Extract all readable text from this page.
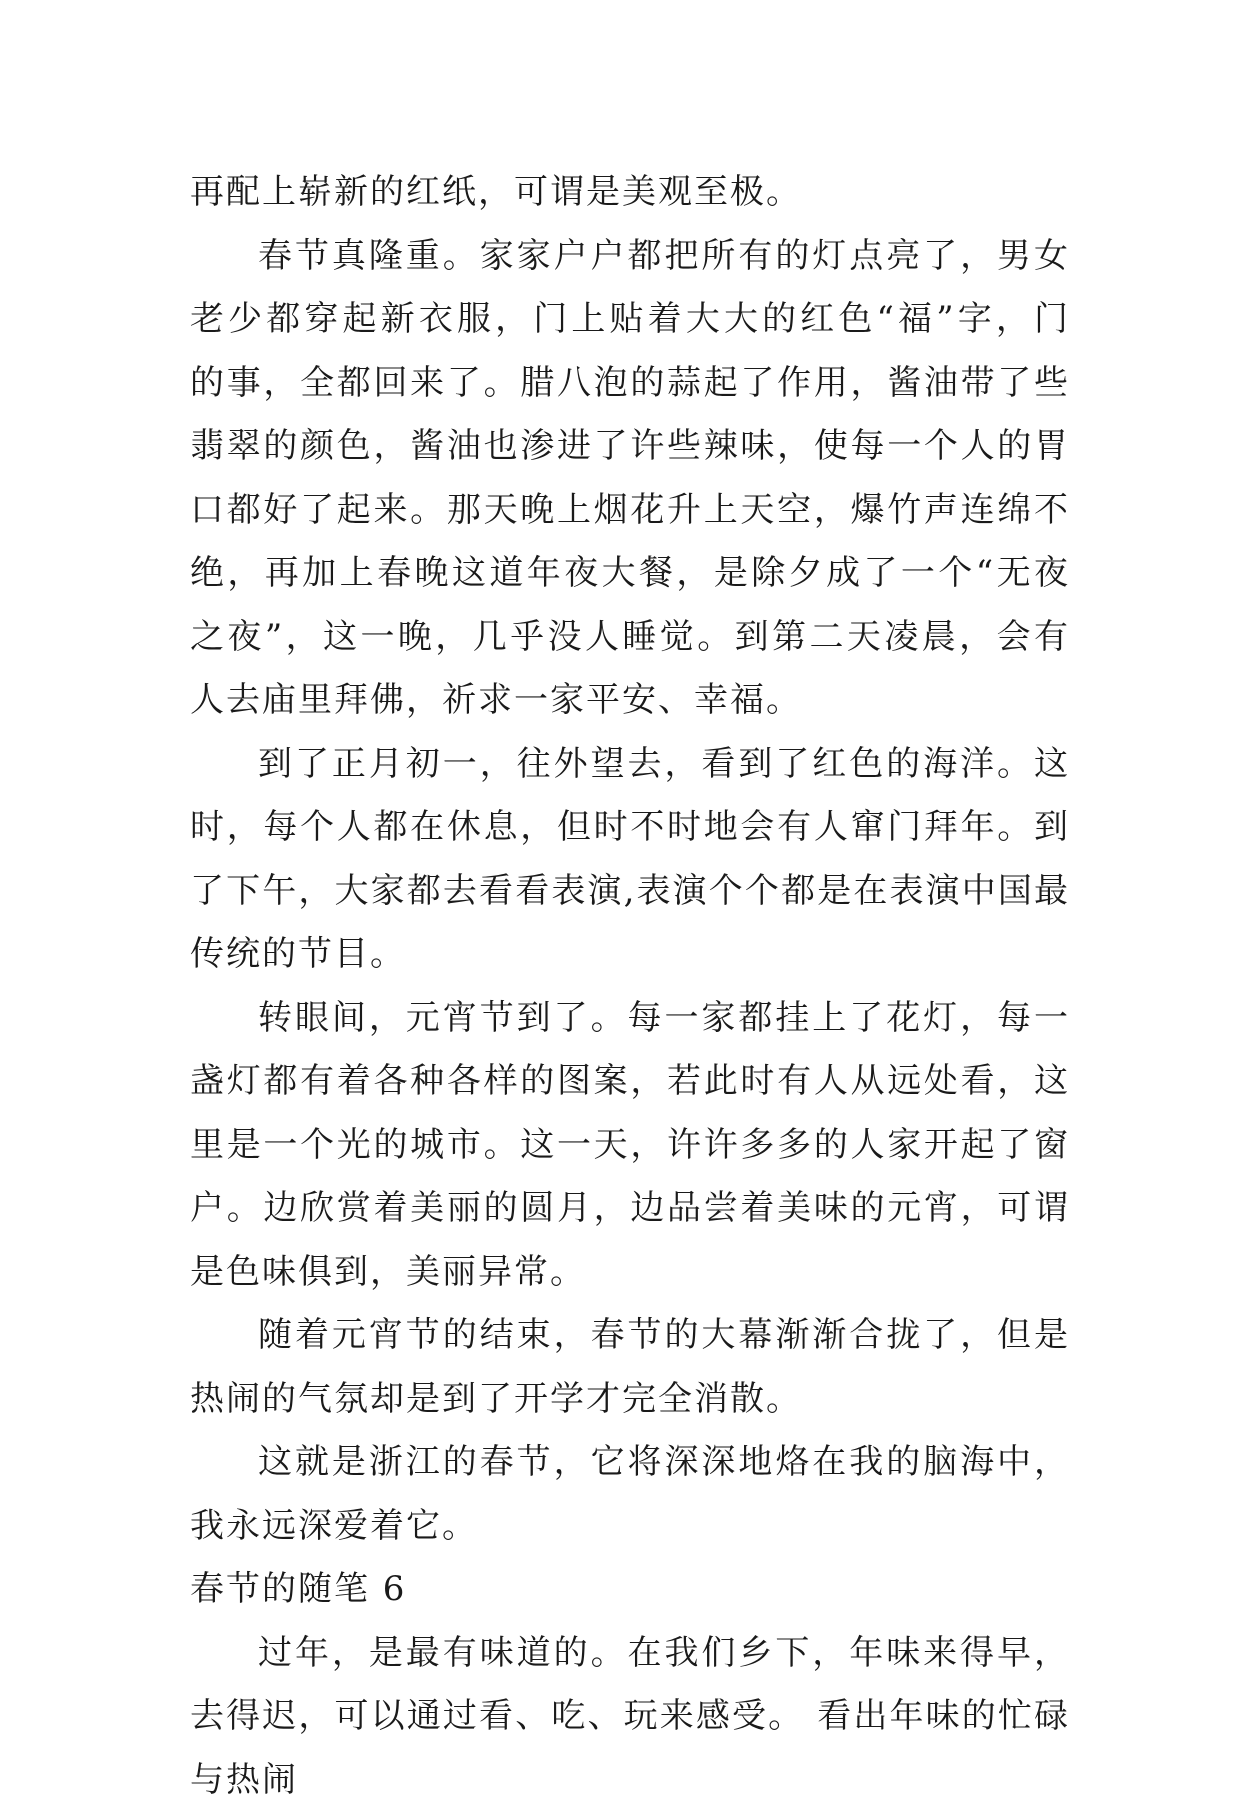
再配上崭新的红纸，可谓是美观至极。

春节真隆重。家家户户都把所有的灯点亮了，男女老少都穿起新衣服，门上贴着大大的红色“福”字，门　　的事，全都回来了。腊八泡的蒜起了作用，酱油带了些翡翠的颜色，酱油也渗进了许些辣味，使每一个人的胃口都好了起来。那天晚上烟花升上天空，爆竹声连绵不绝，再加上春晚这道年夜大餐，是除夕成了一个“无夜之夜”，这一晚，几乎没人睡觉。到第二天凌晨，会有人去庙里拜佛，祈求一家平安、幸福。

到了正月初一，往外望去，看到了红色的海洋。这时，每个人都在休息，但时不时地会有人窜门拜年。到了下午，大家都去看看表演,表演个个都是在表演中国最传统的节目。

转眼间，元宵节到了。每一家都挂上了花灯，每一盏灯都有着各种各样的图案，若此时有人从远处看，这里是一个光的城市。这一天，许许多多的人家开起了窗户。边欣赏着美丽的圆月，边品尝着美味的元宵，可谓是色味俱到，美丽异常。

随着元宵节的结束，春节的大幕渐渐合拢了，但是热闹的气氛却是到了开学才完全消散。

这就是浙江的春节，它将深深地烙在我的脑海中，我永远深爱着它。

春节的随笔 6

过年，是最有味道的。在我们乡下，年味来得早，去得迟，可以通过看、吃、玩来感受。 看出年味的忙碌与热闹
